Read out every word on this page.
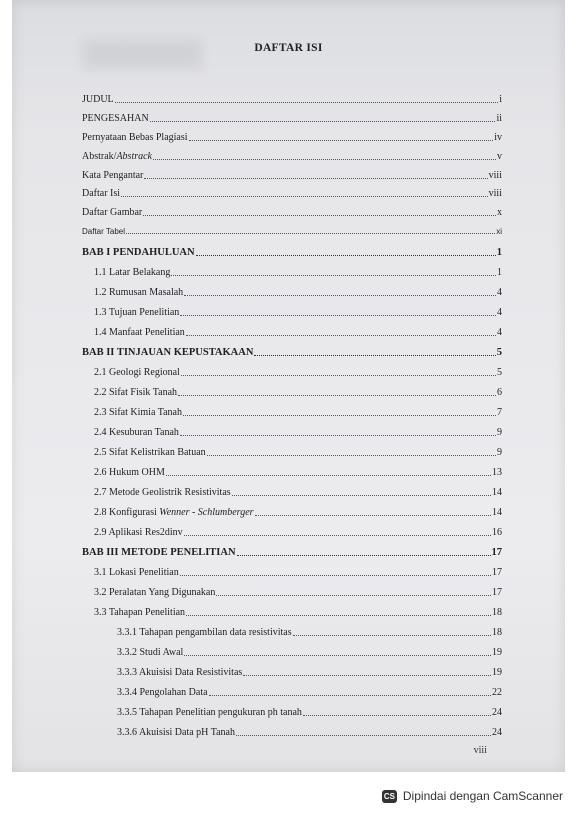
DAFTAR ISI
JUDUL	i
PENGESAHAN	ii
Pernyataan Bebas Plagiasi	iv
Abstrak/Abstrack	v
Kata Pengantar	viii
Daftar Isi	viii
Daftar Gambar	x
Daftar Tabel	xi
BAB I PENDAHULUAN	1
1.1 Latar Belakang	1
1.2 Rumusan Masalah	4
1.3 Tujuan Penelitian	4
1.4 Manfaat Penelitian	4
BAB II TINJAUAN KEPUSTAKAAN	5
2.1 Geologi Regional	5
2.2 Sifat Fisik Tanah	6
2.3 Sifat Kimia Tanah	7
2.4 Kesuburan Tanah	9
2.5 Sifat Kelistrikan Batuan	9
2.6 Hukum OHM	13
2.7 Metode Geolistrik Resistivitas	14
2.8 Konfigurasi Wenner - Schlumberger	14
2.9 Aplikasi Res2dinv	16
BAB III METODE PENELITIAN	17
3.1 Lokasi Penelitian	17
3.2 Peralatan Yang Digunakan	17
3.3 Tahapan Penelitian	18
3.3.1 Tahapan pengambilan data resistivitas	18
3.3.2 Studi Awal	19
3.3.3 Akuisisi Data Resistivitas	19
3.3.4 Pengolahan Data	22
3.3.5 Tahapan Penelitian pengukuran ph tanah	24
3.3.6 Akuisisi Data pH Tanah	24
viii
CS Dipindai dengan CamScanner
